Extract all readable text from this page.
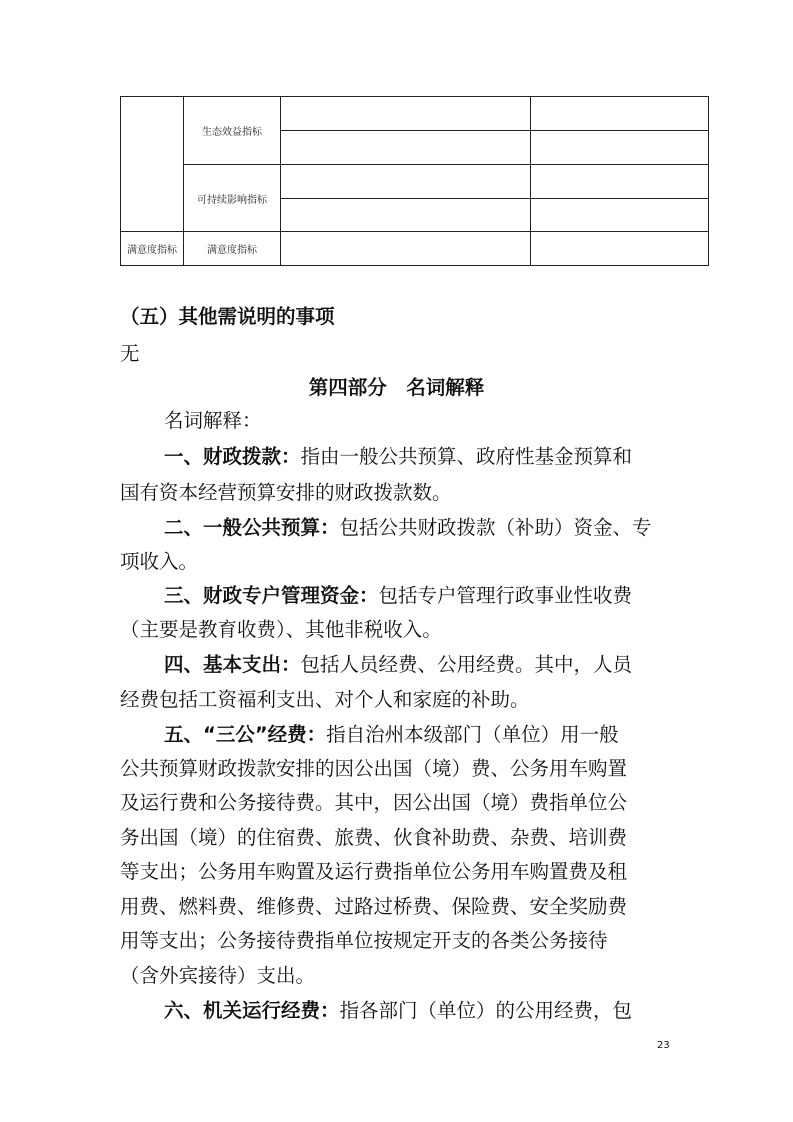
	生态效益指标		

	可持续影响指标		

满意度指标	满意度指标		
（五）其他需说明的事项
无
第四部分　名词解释
名词解释：
一、财政拨款：指由一般公共预算、政府性基金预算和
国有资本经营预算安排的财政拨款数。
二、一般公共预算：包括公共财政拨款（补助）资金、专
项收入。
三、财政专户管理资金：包括专户管理行政事业性收费
（主要是教育收费）、其他非税收入。
四、基本支出：包括人员经费、公用经费。其中，人员
经费包括工资福利支出、对个人和家庭的补助。
五、“三公”经费：指自治州本级部门（单位）用一般
公共预算财政拨款安排的因公出国（境）费、公务用车购置
及运行费和公务接待费。其中，因公出国（境）费指单位公
务出国（境）的住宿费、旅费、伙食补助费、杂费、培训费
等支出；公务用车购置及运行费指单位公务用车购置费及租
用费、燃料费、维修费、过路过桥费、保险费、安全奖励费
用等支出；公务接待费指单位按规定开支的各类公务接待
（含外宾接待）支出。
六、机关运行经费：指各部门（单位）的公用经费，包
23
